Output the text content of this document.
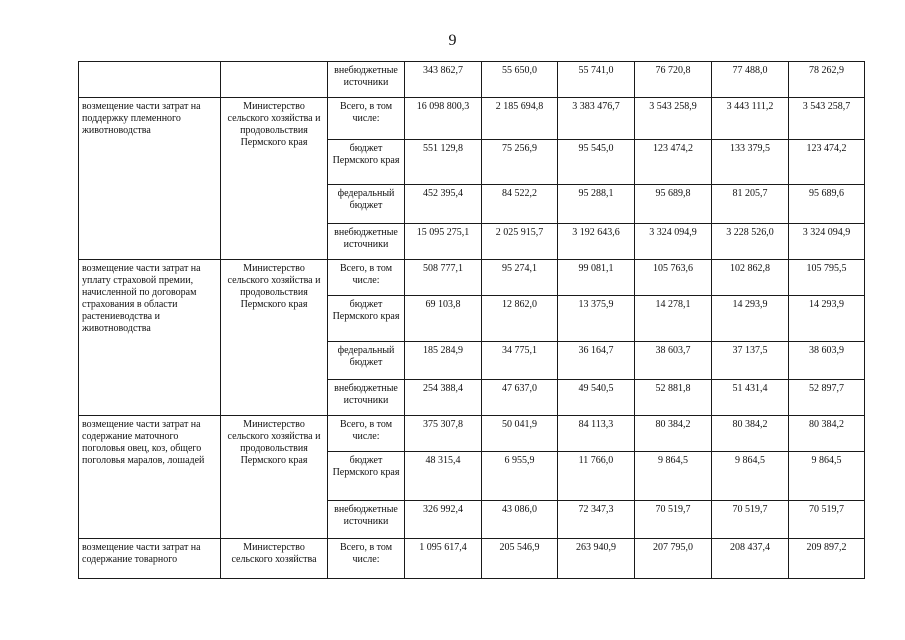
9
		внебюджетные источники	343 862,7	55 650,0	55 741,0	76 720,8	77 488,0	78 262,9
возмещение части затрат на поддержку племенного животноводства	Министерство сельского хозяйства и продовольствия Пермского края	Всего, в том числе:	16 098 800,3	2 185 694,8	3 383 476,7	3 543 258,9	3 443 111,2	3 543 258,7
		бюджет Пермского края	551 129,8	75 256,9	95 545,0	123 474,2	133 379,5	123 474,2
		федеральный бюджет	452 395,4	84 522,2	95 288,1	95 689,8	81 205,7	95 689,6
		внебюджетные источники	15 095 275,1	2 025 915,7	3 192 643,6	3 324 094,9	3 228 526,0	3 324 094,9
возмещение части затрат на уплату страховой премии, начисленной по договорам страхования в области растениеводства и животноводства	Министерство сельского хозяйства и продовольствия Пермского края	Всего, в том числе:	508 777,1	95 274,1	99 081,1	105 763,6	102 862,8	105 795,5
		бюджет Пермского края	69 103,8	12 862,0	13 375,9	14 278,1	14 293,9	14 293,9
		федеральный бюджет	185 284,9	34 775,1	36 164,7	38 603,7	37 137,5	38 603,9
		внебюджетные источники	254 388,4	47 637,0	49 540,5	52 881,8	51 431,4	52 897,7
возмещение части затрат на содержание маточного поголовья овец, коз, общего поголовья маралов, лошадей	Министерство сельского хозяйства и продовольствия Пермского края	Всего, в том числе:	375 307,8	50 041,9	84 113,3	80 384,2	80 384,2	80 384,2
		бюджет Пермского края	48 315,4	6 955,9	11 766,0	9 864,5	9 864,5	9 864,5
		внебюджетные источники	326 992,4	43 086,0	72 347,3	70 519,7	70 519,7	70 519,7
возмещение части затрат на содержание товарного	Министерство сельского хозяйства	Всего, в том числе:	1 095 617,4	205 546,9	263 940,9	207 795,0	208 437,4	209 897,2
